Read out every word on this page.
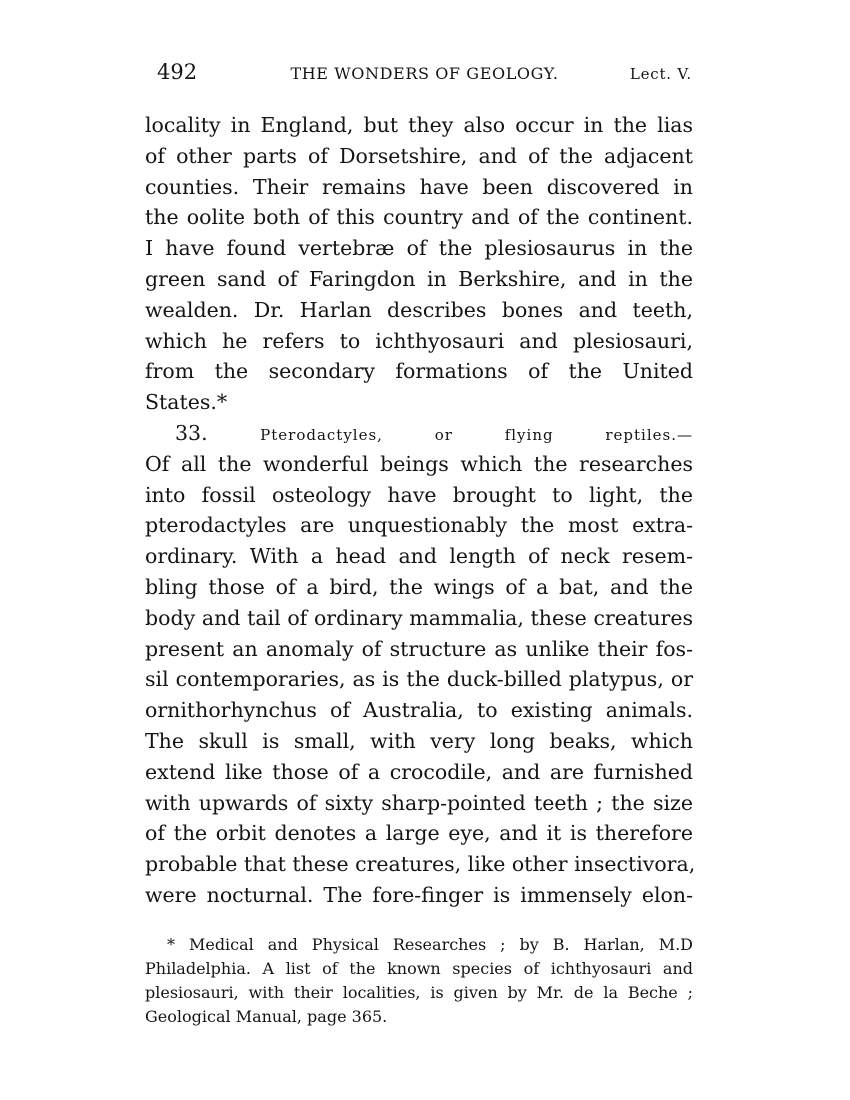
492	THE WONDERS OF GEOLOGY.	Lect. V.
locality in England, but they also occur in the lias
of other parts of Dorsetshire, and of the adjacent
counties. Their remains have been discovered in
the oolite both of this country and of the continent.
I have found vertebræ of the plesiosaurus in the
green sand of Faringdon in Berkshire, and in the
wealden. Dr. Harlan describes bones and teeth,
which he refers to ichthyosauri and plesiosauri,
from the secondary formations of the United
States.*
33.	Pterodactyles, or flying reptiles.—
Of all the wonderful beings which the researches
into fossil osteology have brought to light, the
pterodactyles are unquestionably the most extra-
ordinary. With a head and length of neck resem-
bling those of a bird, the wings of a bat, and the
body and tail of ordinary mammalia, these creatures
present an anomaly of structure as unlike their fos-
sil contemporaries, as is the duck-billed platypus, or
ornithorhynchus of Australia, to existing animals.
The skull is small, with very long beaks, which
extend like those of a crocodile, and are furnished
with upwards of sixty sharp-pointed teeth ; the size
of the orbit denotes a large eye, and it is therefore
probable that these creatures, like other insectivora,
were nocturnal. The fore-finger is immensely elon-
* Medical and Physical Researches ; by B. Harlan, M.D
Philadelphia. A list of the known species of ichthyosauri and
plesiosauri, with their localities, is given by Mr. de la Beche ;
Geological Manual, page 365.
